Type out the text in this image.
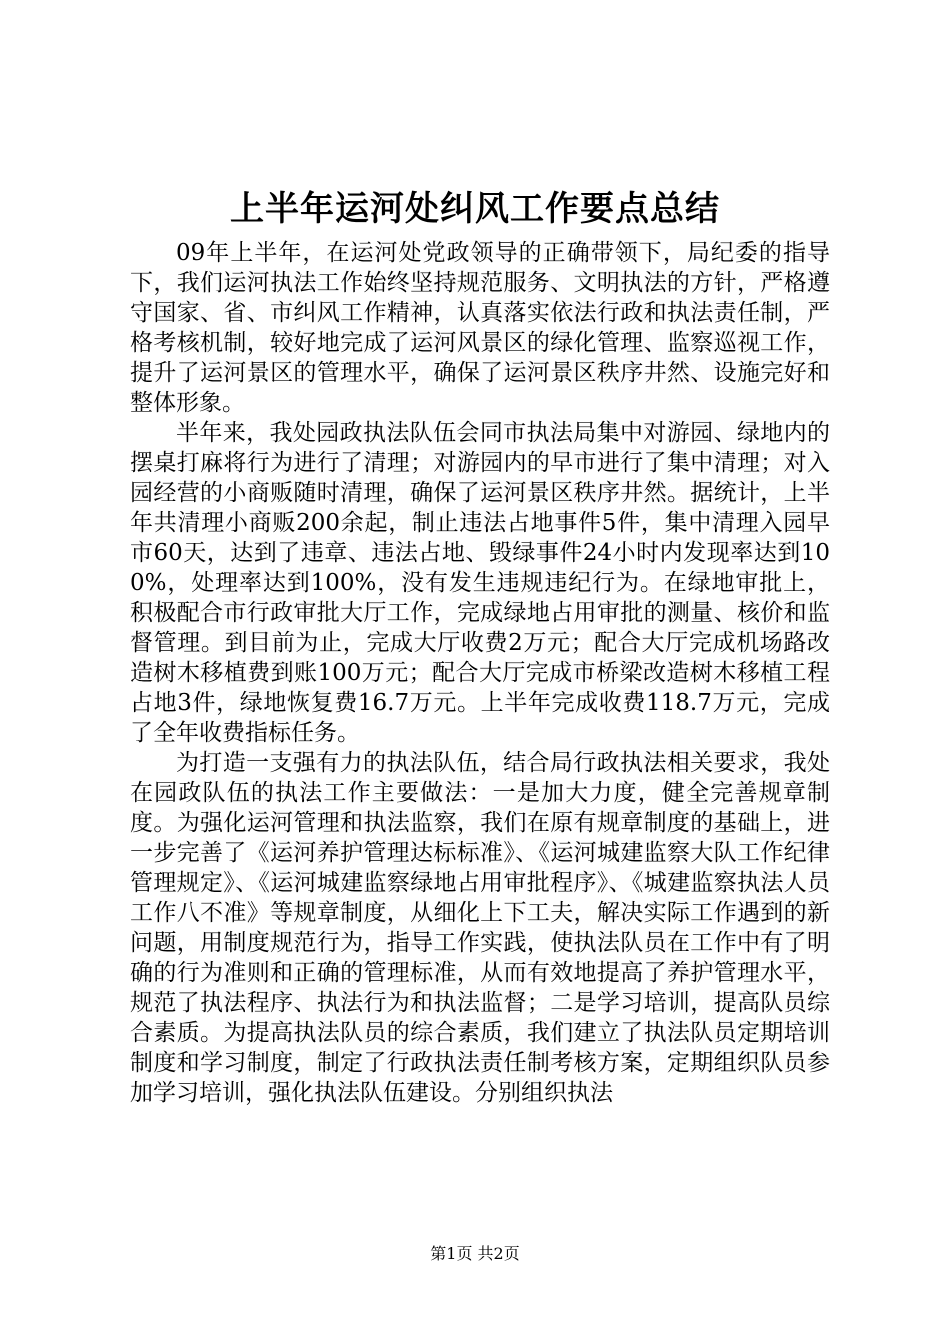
上半年运河处纠风工作要点总结

09年上半年，在运河处党政领导的正确带领下，局纪委的指导下，我们运河执法工作始终坚持规范服务、文明执法的方针，严格遵守国家、省、市纠风工作精神，认真落实依法行政和执法责任制，严格考核机制，较好地完成了运河风景区的绿化管理、监察巡视工作，提升了运河景区的管理水平，确保了运河景区秩序井然、设施完好和整体形象。

半年来，我处园政执法队伍会同市执法局集中对游园、绿地内的摆桌打麻将行为进行了清理；对游园内的早市进行了集中清理；对入园经营的小商贩随时清理，确保了运河景区秩序井然。据统计，上半年共清理小商贩200余起，制止违法占地事件5件，集中清理入园早市60天，达到了违章、违法占地、毁绿事件24小时内发现率达到100%，处理率达到100%，没有发生违规违纪行为。在绿地审批上，积极配合市行政审批大厅工作，完成绿地占用审批的测量、核价和监督管理。到目前为止，完成大厅收费2万元；配合大厅完成机场路改造树木移植费到账100万元；配合大厅完成市桥梁改造树木移植工程占地3件，绿地恢复费16.7万元。上半年完成收费118.7万元，完成了全年收费指标任务。

为打造一支强有力的执法队伍，结合局行政执法相关要求，我处在园政队伍的执法工作主要做法：一是加大力度，健全完善规章制度。为强化运河管理和执法监察，我们在原有规章制度的基础上，进一步完善了《运河养护管理达标标准》、《运河城建监察大队工作纪律管理规定》、《运河城建监察绿地占用审批程序》、《城建监察执法人员工作八不准》等规章制度，从细化上下工夫，解决实际工作遇到的新问题，用制度规范行为，指导工作实践，使执法队员在工作中有了明确的行为准则和正确的管理标准，从而有效地提高了养护管理水平，规范了执法程序、执法行为和执法监督；二是学习培训，提高队员综合素质。为提高执法队员的综合素质，我们建立了执法队员定期培训制度和学习制度，制定了行政执法责任制考核方案，定期组织队员参加学习培训，强化执法队伍建设。分别组织执法

第1页 共2页
